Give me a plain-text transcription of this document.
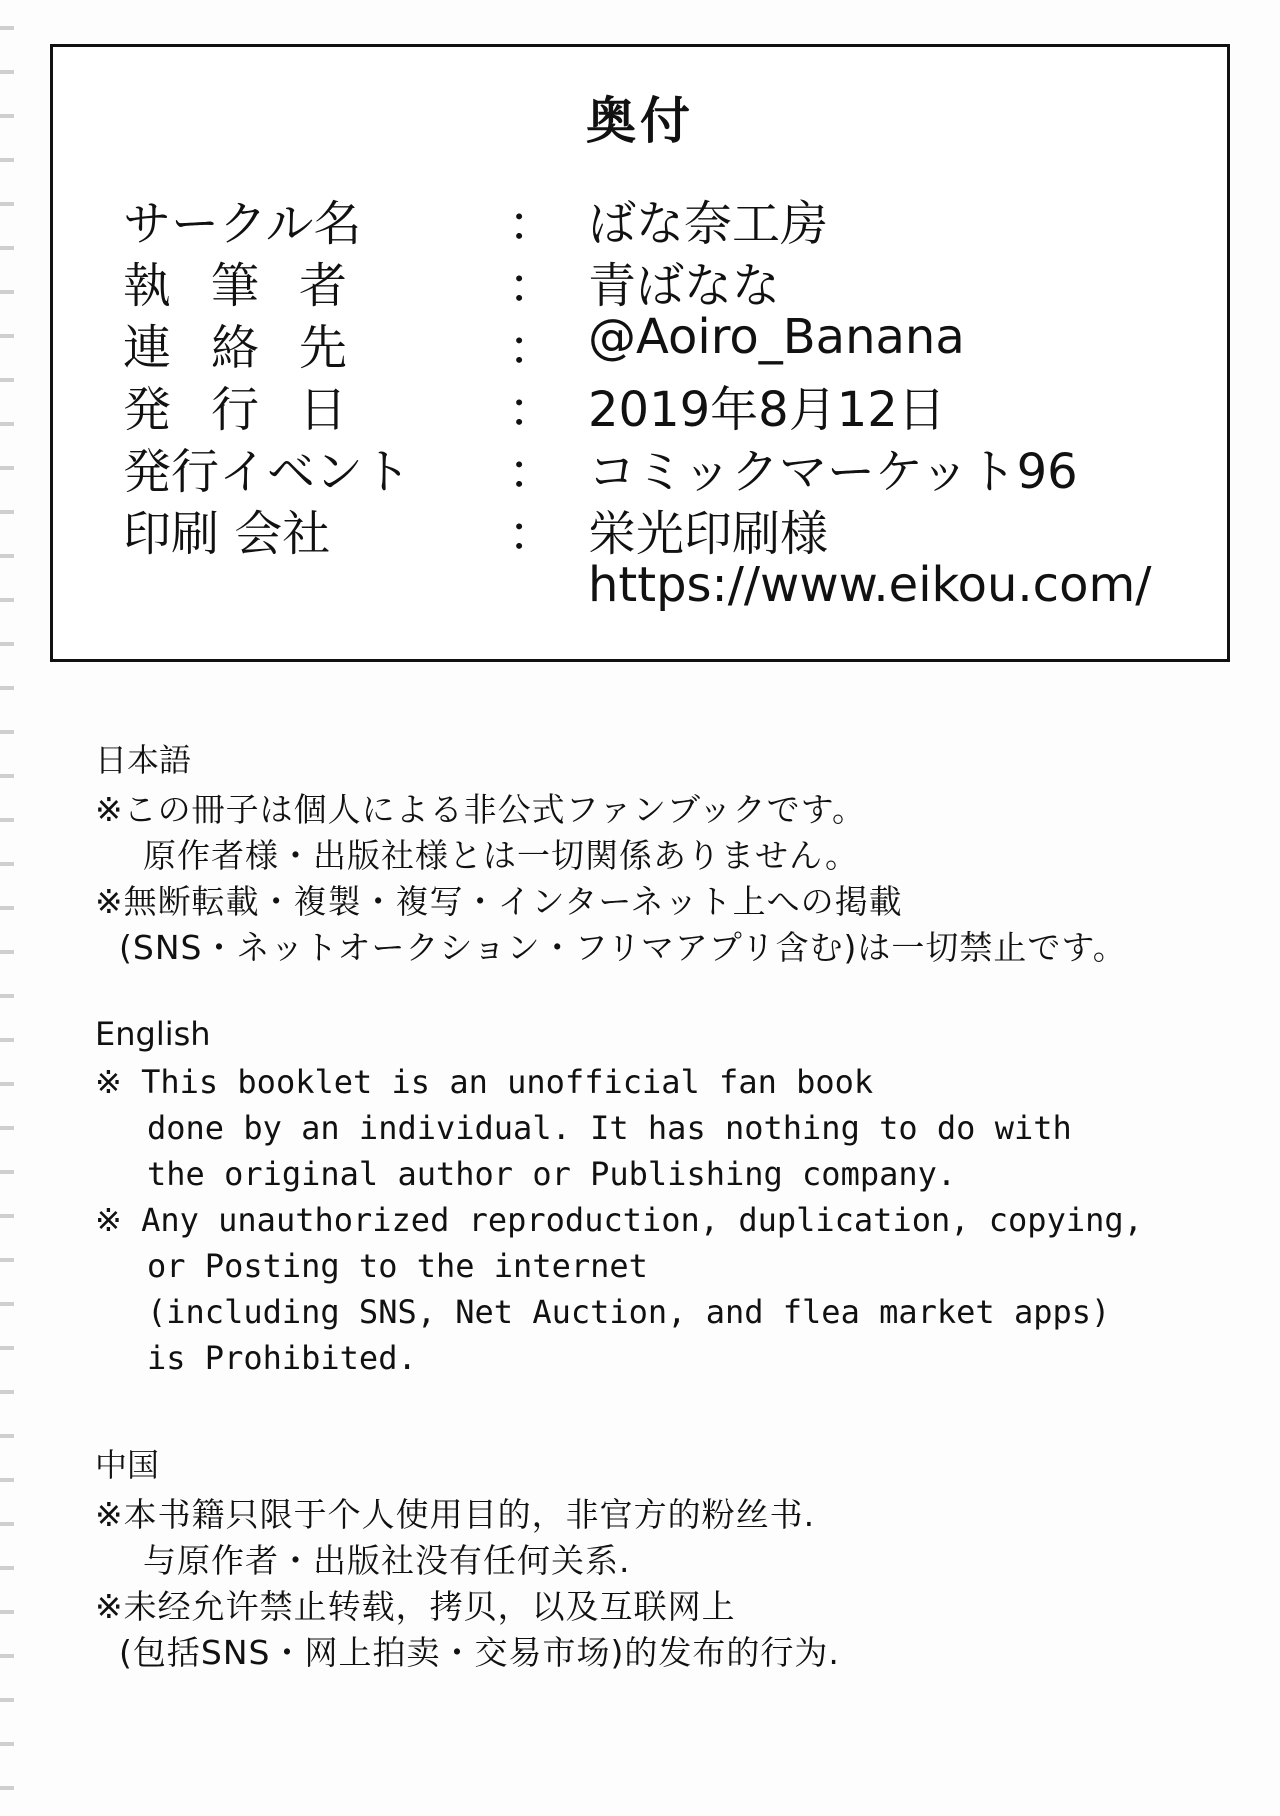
奥付
サークル名	： ばな奈工房
執筆者	： 青ばなな
連絡先	： @Aoiro_Banana
発行日	： 2019年8月12日
発行イベント ： コミックマーケット96
印刷 会社	： 栄光印刷様
https://www.eikou.com/
日本語
※この冊子は個人による非公式ファンブックです。
原作者様・出版社様とは一切関係ありません。
※無断転載・複製・複写・インターネット上への掲載
(SNS・ネットオークション・フリマアプリ含む)は一切禁止です。
English
※ This booklet is an unofficial fan book
done by an individual. It has nothing to do with
the original author or Publishing company.
※ Any unauthorized reproduction, duplication, copying,
or Posting to the internet
(including SNS, Net Auction, and flea market apps)
is Prohibited.
中国
※本书籍只限于个人使用目的，非官方的粉丝书.
与原作者・出版社没有任何关系.
※未经允许禁止转载，拷贝，以及互联网上
(包括SNS・网上拍卖・交易市场)的发布的行为.
